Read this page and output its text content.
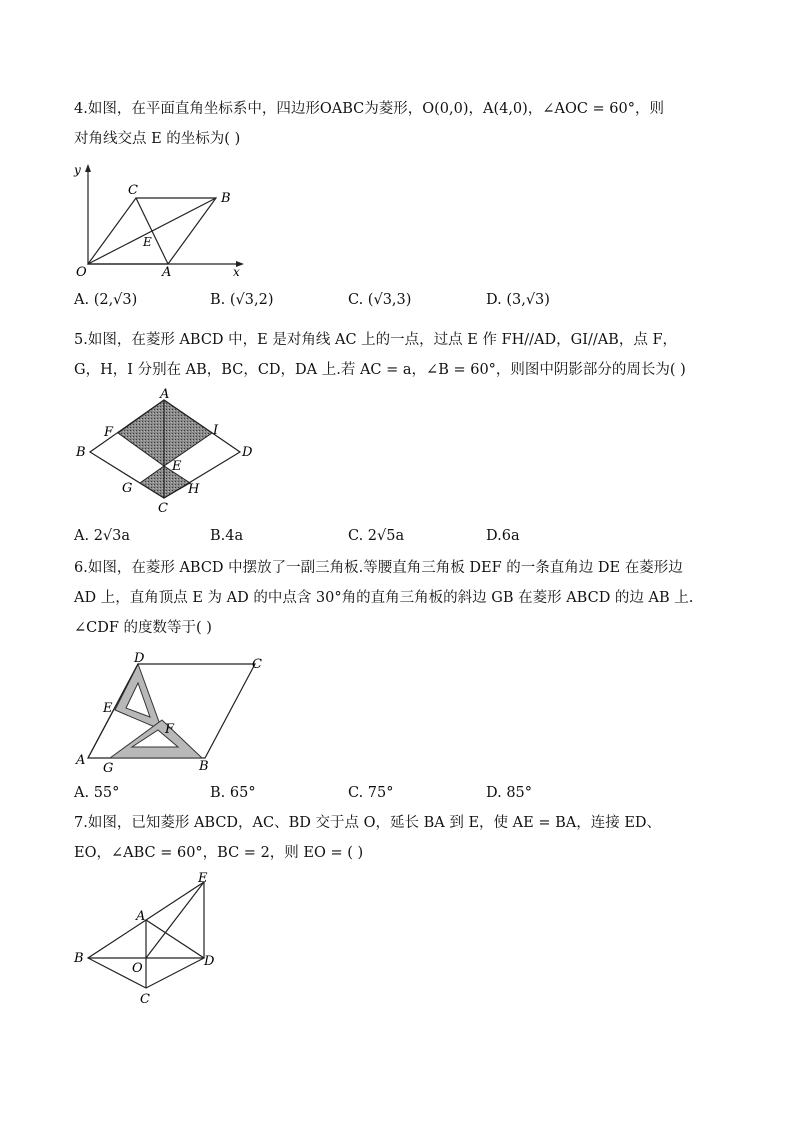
4.如图，在平面直角坐标系中，四边形OABC为菱形，O(0,0)，A(4,0)，∠AOC = 60°，则
对角线交点 E 的坐标为( )
y
x
O	A
B
C
E
A. (2,√3)	B. (√3,2)	C. (√3,3)	D. (3,√3)
5.如图，在菱形 ABCD 中，E 是对角线 AC 上的一点，过点 E 作 FH//AD，GI//AB，点 F，
G，H，I 分别在 AB，BC，CD，DA 上.若 AC = a，∠B = 60°，则图中阴影部分的周长为( )
A
B
C
D
E
F
G	H
I
A. 2√3a	B.4a	C. 2√5a	D.6a
6.如图，在菱形 ABCD 中摆放了一副三角板.等腰直角三角板 DEF 的一条直角边 DE 在菱形边
AD 上，直角顶点 E 为 AD 的中点含 30°角的直角三角板的斜边 GB 在菱形 ABCD 的边 AB 上.
∠CDF 的度数等于( )
D	C
E
F
A
G	B
A. 55°	B. 65°	C. 75°	D. 85°
7.如图，已知菱形 ABCD，AC、BD 交于点 O，延长 BA 到 E，使 AE = BA，连接 ED、
EO，∠ABC = 60°，BC = 2，则 EO = ( )
E
A
B
O	D
C
